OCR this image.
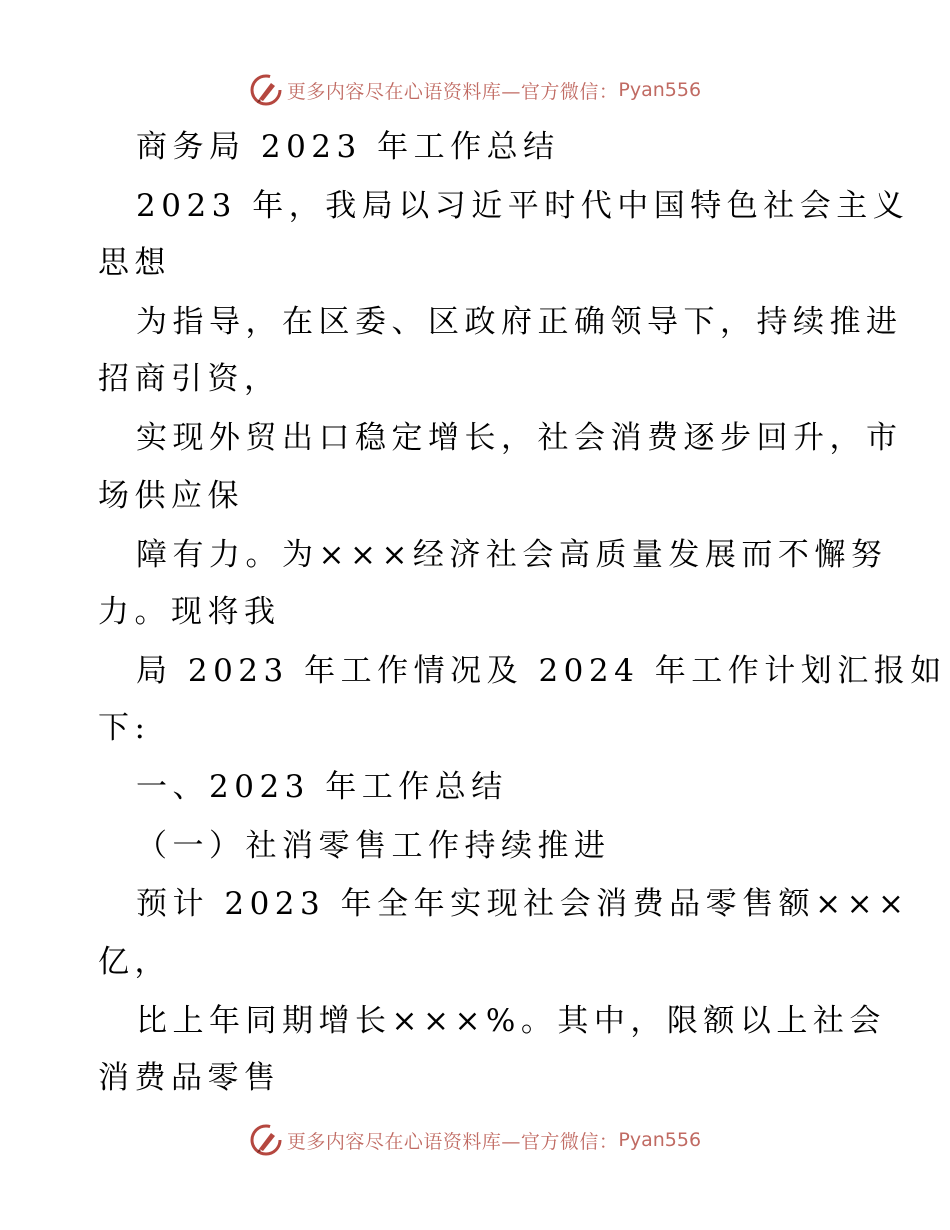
更多内容尽在心语资料库—官方微信： Pyan556
商务局 2023 年工作总结
2023 年，我局以习近平时代中国特色社会主义
思想
为指导，在区委、区政府正确领导下，持续推进
招商引资，
实现外贸出口稳定增长，社会消费逐步回升，市
场供应保
障有力。为×××经济社会高质量发展而不懈努
力。现将我
局 2023 年工作情况及 2024 年工作计划汇报如
下:
一、2023 年工作总结
（一）社消零售工作持续推进
预计 2023 年全年实现社会消费品零售额×××
亿，
比上年同期增长×××%。其中，限额以上社会
消费品零售
更多内容尽在心语资料库—官方微信： Pyan556
